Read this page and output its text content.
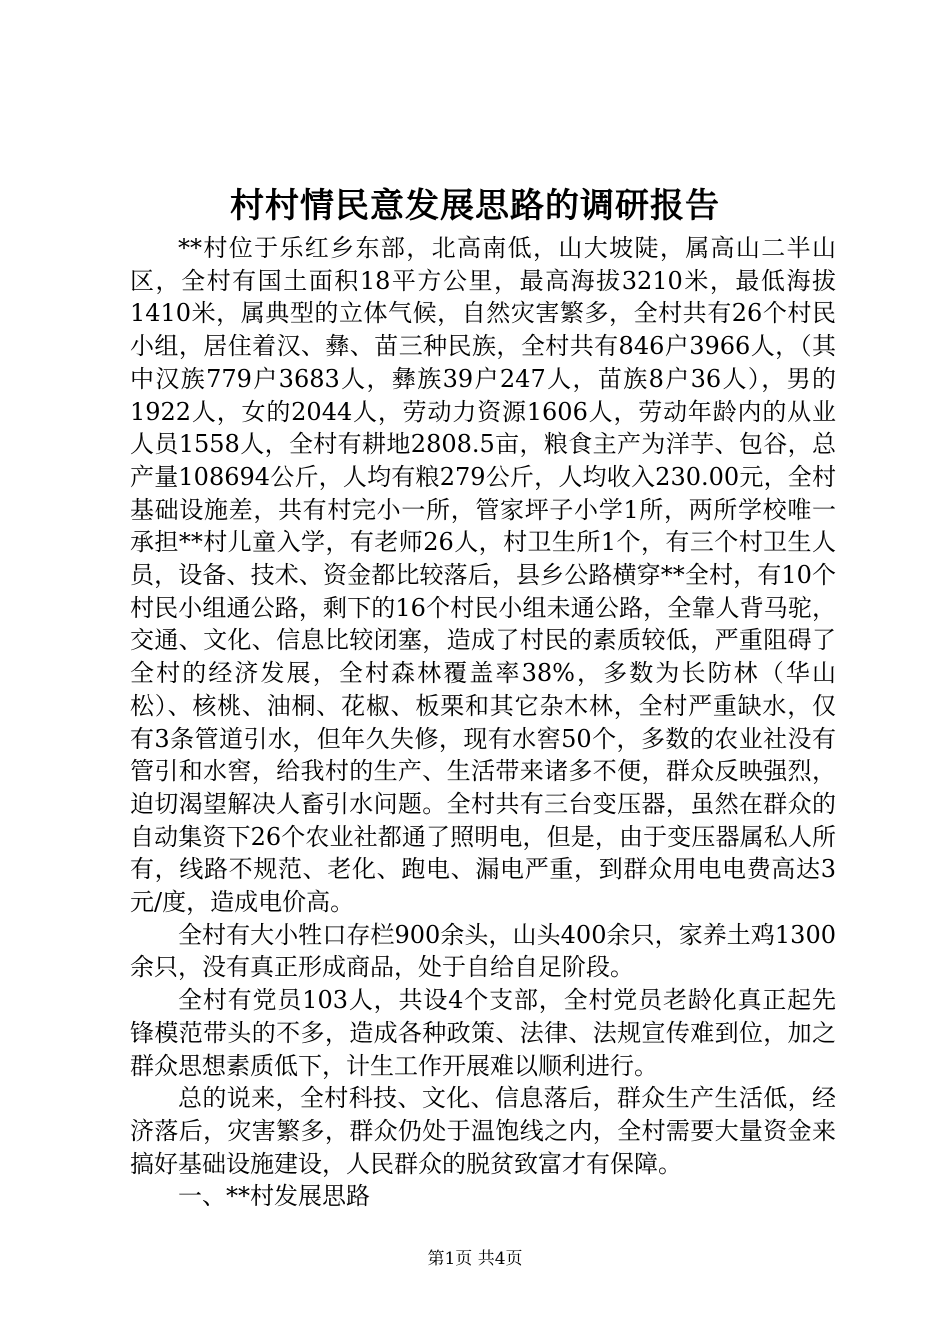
村村情民意发展思路的调研报告

**村位于乐红乡东部，北高南低，山大坡陡，属高山二半山区，全村有国土面积18平方公里，最高海拔3210米，最低海拔1410米，属典型的立体气候，自然灾害繁多，全村共有26个村民小组，居住着汉、彝、苗三种民族，全村共有846户3966人，（其中汉族779户3683人，彝族39户247人，苗族8户36人），男的1922人，女的2044人，劳动力资源1606人，劳动年龄内的从业人员1558人，全村有耕地2808.5亩，粮食主产为洋芋、包谷，总产量108694公斤，人均有粮279公斤，人均收入230.00元，全村基础设施差，共有村完小一所，管家坪子小学1所，两所学校唯一承担**村儿童入学，有老师26人，村卫生所1个，有三个村卫生人员，设备、技术、资金都比较落后，县乡公路横穿**全村，有10个村民小组通公路，剩下的16个村民小组未通公路，全靠人背马驼，交通、文化、信息比较闭塞，造成了村民的素质较低，严重阻碍了全村的经济发展，全村森林覆盖率38%，多数为长防林（华山松）、核桃、油桐、花椒、板栗和其它杂木林，全村严重缺水，仅有3条管道引水，但年久失修，现有水窖50个，多数的农业社没有管引和水窖，给我村的生产、生活带来诸多不便，群众反映强烈，迫切渴望解决人畜引水问题。全村共有三台变压器，虽然在群众的自动集资下26个农业社都通了照明电，但是，由于变压器属私人所有，线路不规范、老化、跑电、漏电严重，到群众用电电费高达3元/度，造成电价高。

全村有大小牲口存栏900余头，山头400余只，家养土鸡1300余只，没有真正形成商品，处于自给自足阶段。

全村有党员103人，共设4个支部，全村党员老龄化真正起先锋模范带头的不多，造成各种政策、法律、法规宣传难到位，加之群众思想素质低下，计生工作开展难以顺利进行。

总的说来，全村科技、文化、信息落后，群众生产生活低，经济落后，灾害繁多，群众仍处于温饱线之内，全村需要大量资金来搞好基础设施建设，人民群众的脱贫致富才有保障。

一、**村发展思路

第1页 共4页
